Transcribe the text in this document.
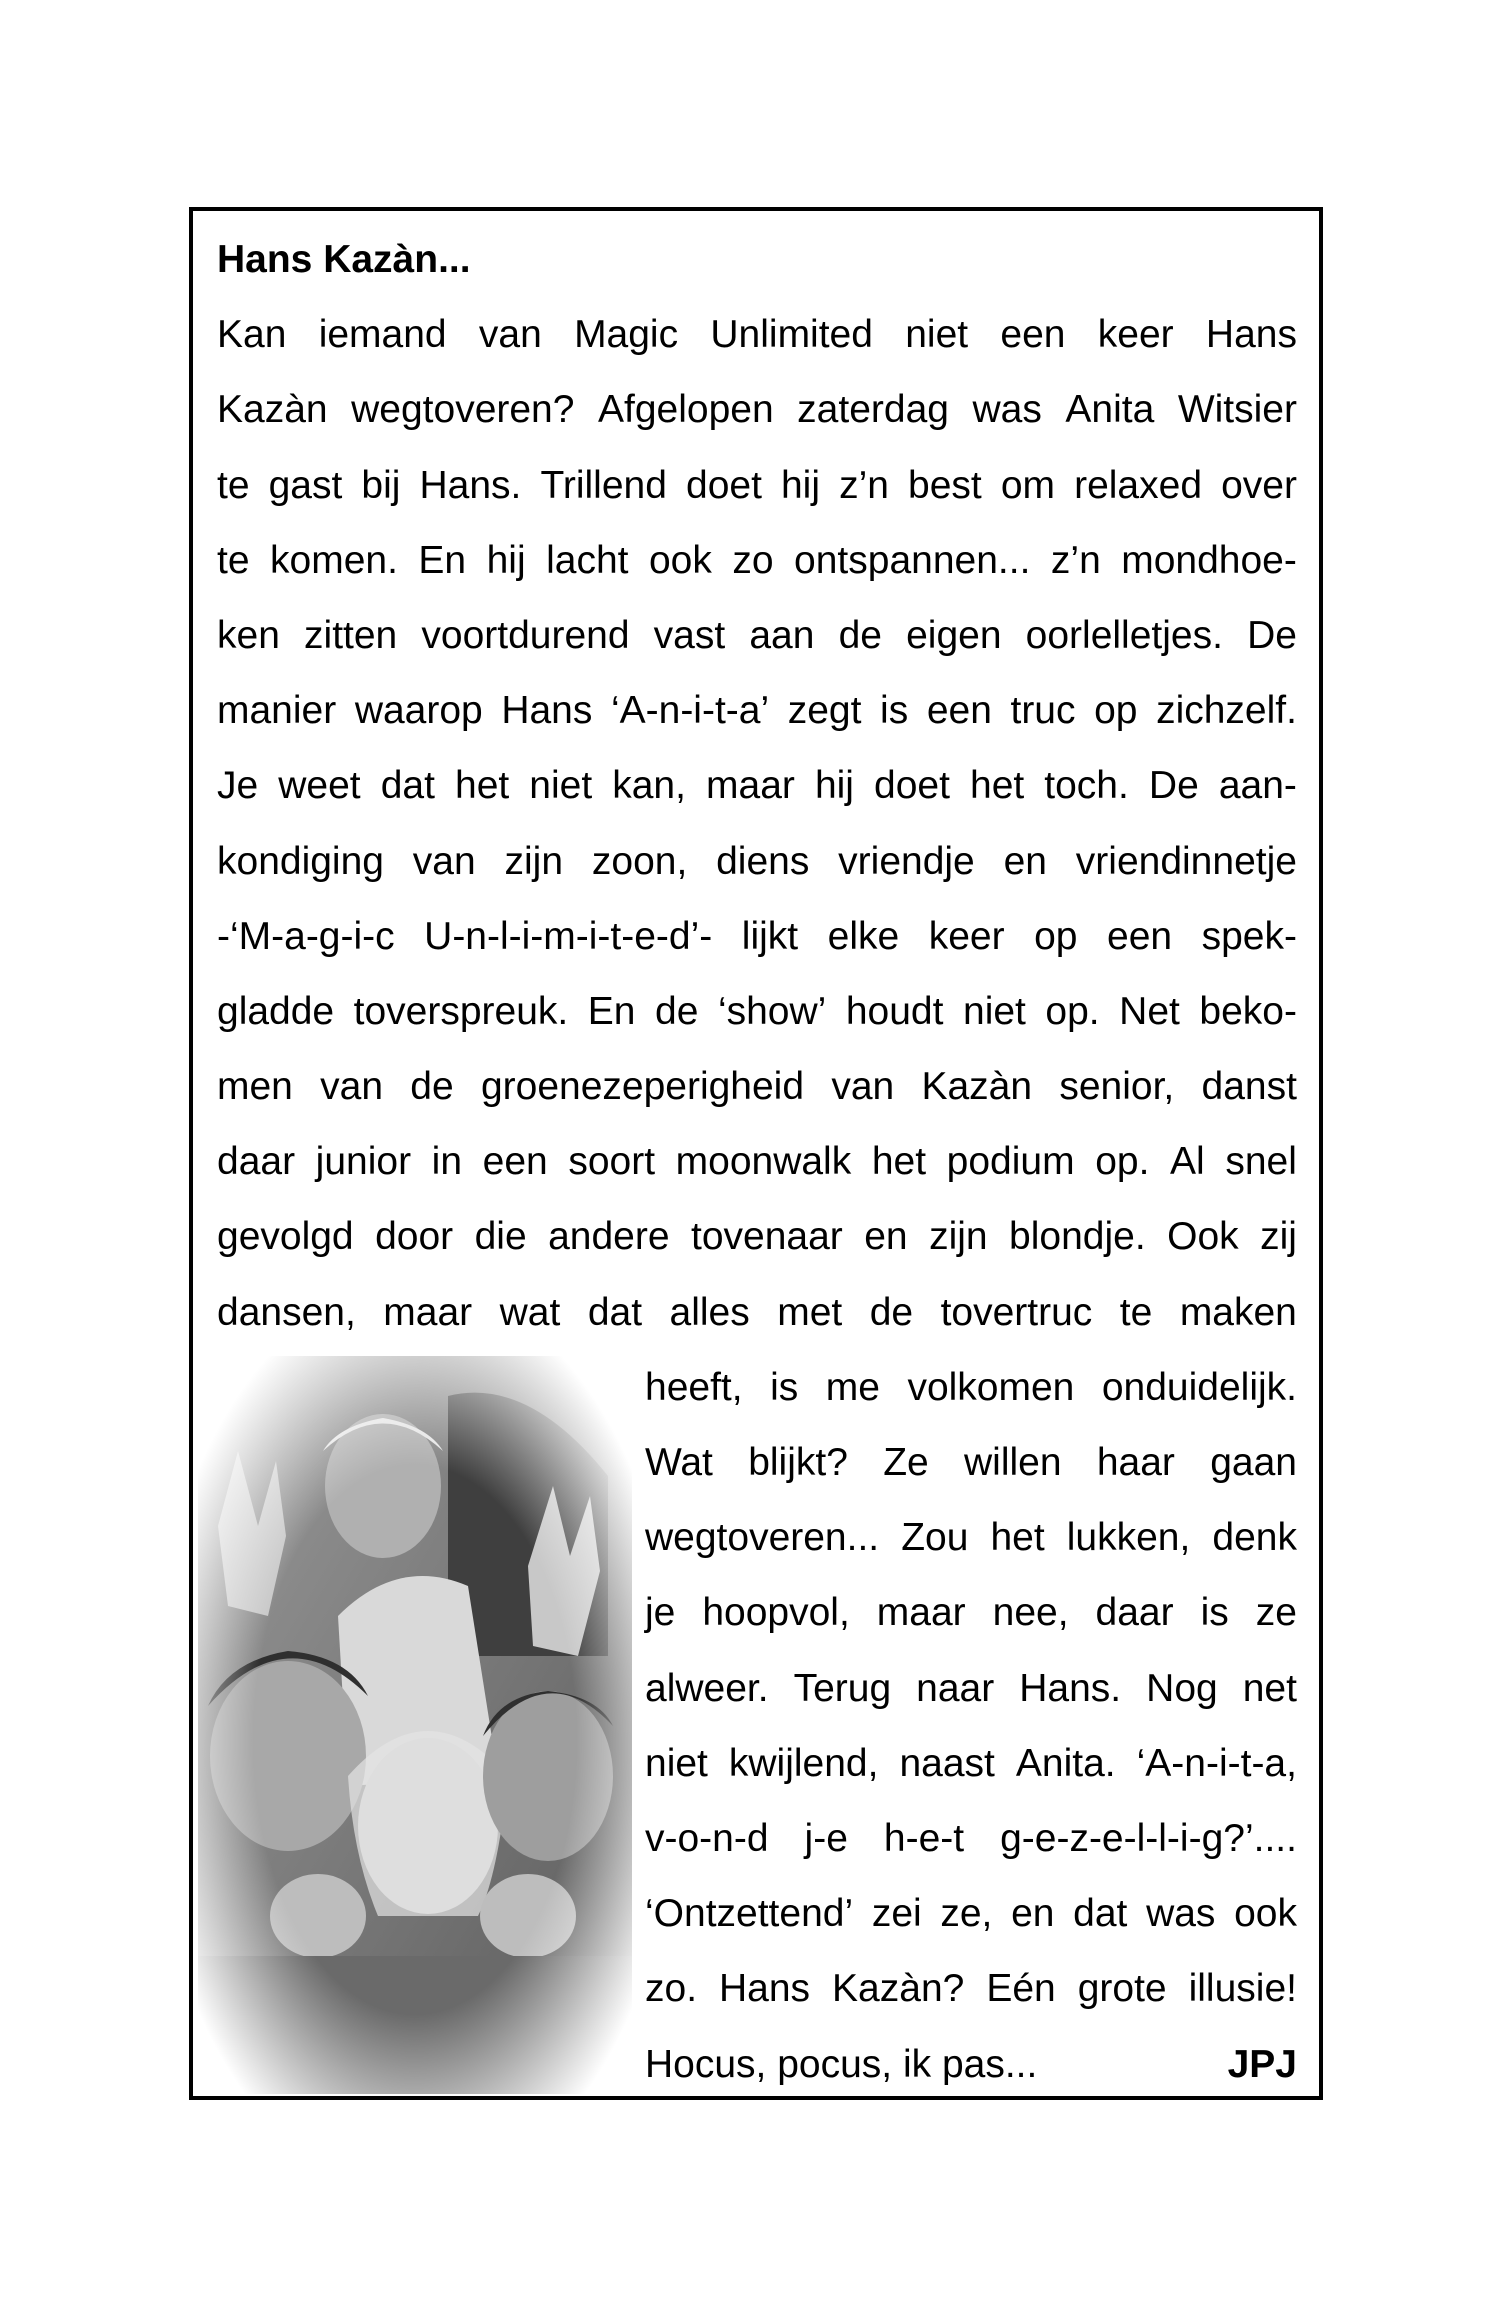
Hans Kazàn...
Kan iemand van Magic Unlimited niet een keer Hans
Kazàn wegtoveren? Afgelopen zaterdag was Anita Witsier
te gast bij Hans. Trillend doet hij z’n best om relaxed over
te komen. En hij lacht ook zo ontspannen... z’n mondhoe-
ken zitten voortdurend vast aan de eigen oorlelletjes. De
manier waarop Hans ‘A-n-i-t-a’ zegt is een truc op zichzelf.
Je weet dat het niet kan, maar hij doet het toch. De aan-
kondiging van zijn zoon, diens vriendje en vriendinnetje
-‘M-a-g-i-c U-n-l-i-m-i-t-e-d’- lijkt elke keer op een spek-
gladde toverspreuk. En de ‘show’ houdt niet op. Net beko-
men van de groenezeperigheid van Kazàn senior, danst
daar junior in een soort moonwalk het podium op. Al snel
gevolgd door die andere tovenaar en zijn blondje. Ook zij
dansen, maar wat dat alles met de tovertruc te maken
heeft, is me volkomen onduidelijk.
Wat blijkt? Ze willen haar gaan
wegtoveren... Zou het lukken, denk
je hoopvol, maar nee, daar is ze
alweer. Terug naar Hans. Nog net
niet kwijlend, naast Anita. ‘A-n-i-t-a,
v-o-n-d j-e h-e-t g-e-z-e-l-l-i-g?’....
‘Ontzettend’ zei ze, en dat was ook
zo. Hans Kazàn? Eén grote illusie!
Hocus, pocus, ik pas...	JPJ
